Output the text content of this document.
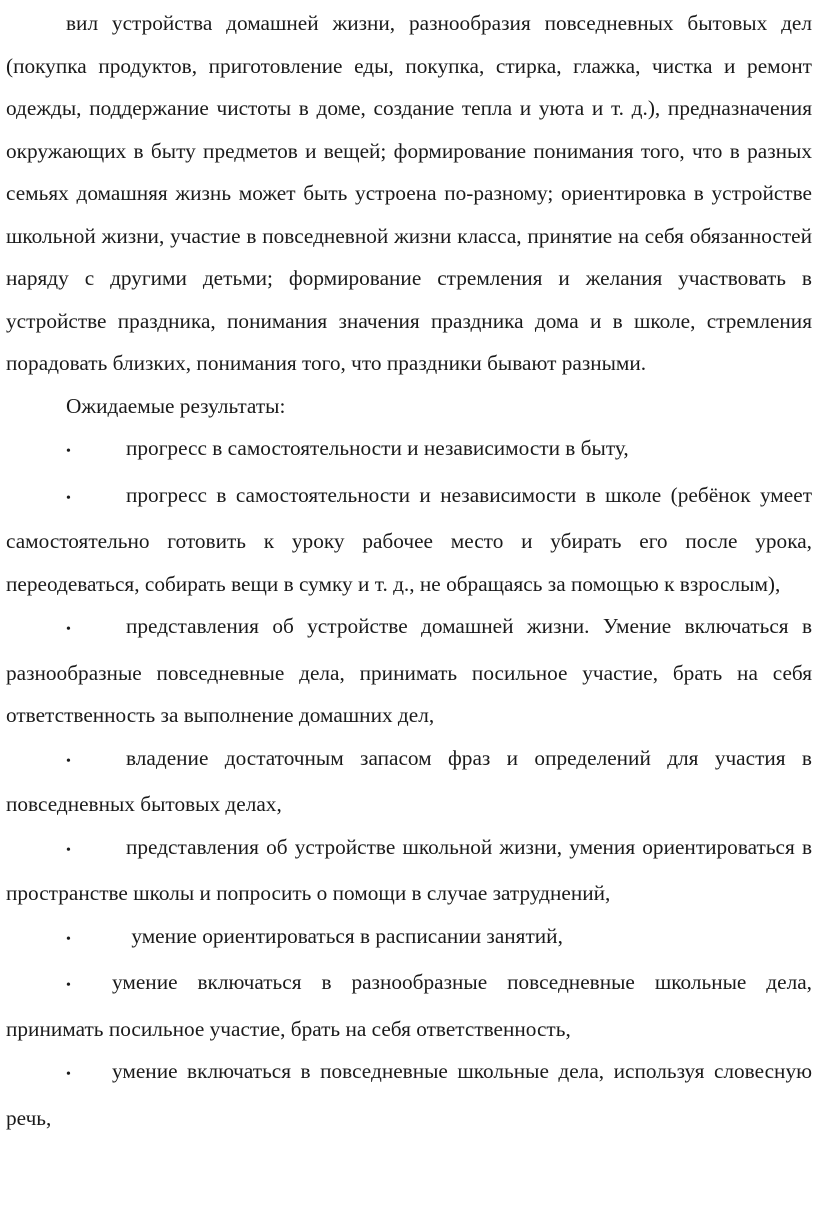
вил устройства домашней жизни, разнообразия повседневных бытовых дел (покупка продуктов, приготовление еды, покупка, стирка, глажка, чистка и ремонт одежды, поддержание чистоты в доме, создание тепла и уюта и т. д.), предназначения окружающих в быту предметов и вещей; формирование понимания того, что в разных семьях домашняя жизнь может быть устроена по-разному; ориентировка в устройстве школьной жизни, участие в повседневной жизни класса, принятие на себя обязанностей наряду с другими детьми; формирование стремления и желания участвовать в устройстве праздника, понимания значения праздника дома и в школе, стремления порадовать близких, понимания того, что праздники бывают разными.

Ожидаемые результаты:

•	прогресс в самостоятельности и независимости в быту,

•	прогресс в самостоятельности и независимости в школе (ребёнок умеет самостоятельно готовить к уроку рабочее место и убирать его после урока, переодеваться, собирать вещи в сумку и т. д., не обращаясь за помощью к взрослым),

•	представления об устройстве домашней жизни. Умение включаться в разнообразные повседневные дела, принимать посильное участие, брать на себя ответственность за выполнение домашних дел,

•	владение достаточным запасом фраз и определений для участия в повседневных бытовых делах,

•	представления об устройстве школьной жизни, умения ориентироваться в пространстве школы и попросить о помощи в случае затруднений,

•	умение ориентироваться в расписании занятий,

• умение включаться в разнообразные повседневные школьные дела, принимать посильное участие, брать на себя ответственность,

• умение включаться в повседневные школьные дела, используя словесную речь,
